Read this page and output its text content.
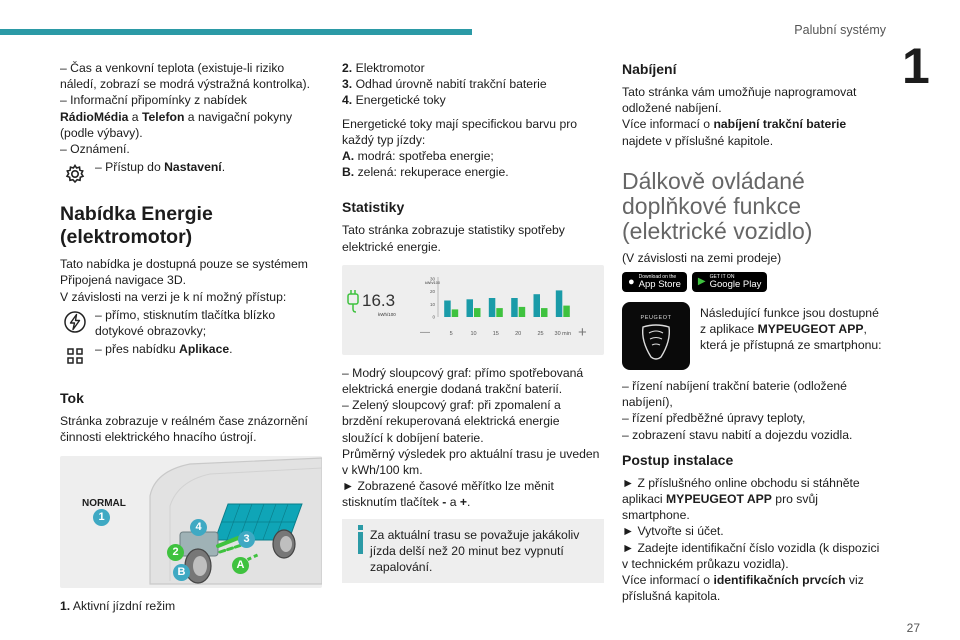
Palubní systémy
1
27

– Čas a venkovní teplota (existuje-li riziko náledí, zobrazí se modrá výstražná kontrolka).

– Informační připomínky z nabídek
RádioMédia a Telefon a navigační pokyny (podle výbavy).

– Oznámení.

– Přístup do Nastavení.

Nabídka Energie (elektromotor)

Tato nabídka je dostupná pouze se systémem Připojená navigace 3D.

V závislosti na verzi je k ní možný přístup:

– přímo, stisknutím tlačítka blízko dotykové obrazovky;

– přes nabídku Aplikace.

Tok

Stránka zobrazuje v reálném čase znázornění činnosti elektrického hnacího ústrojí.

NORMAL
1
4
3
2
A
B

1. Aktivní jízdní režim

2. Elektromotor

3. Odhad úrovně nabití trakční baterie

4. Energetické toky

Energetické toky mají specifickou barvu pro každý typ jízdy:

A. modrá: spotřeba energie;

B. zelená: rekuperace energie.

Statistiky

Tato stránka zobrazuje statistiky spotřeby elektrické energie.

16.3
kWh/100
30
20
10
0
5	10	15	20	25 30 min
kWh/100
—	+

– Modrý sloupcový graf: přímo spotřebovaná elektrická energie dodaná trakční baterií.

– Zelený sloupcový graf: při zpomalení a brzdění rekuperovaná elektrická energie sloužící k dobíjení baterie.

Průměrný výsledek pro aktuální trasu je uveden v kWh/100 km.

► Zobrazené časové měřítko lze měnit stisknutím tlačítek - a +.

Za aktuální trasu se považuje jakákoliv jízda delší než 20 minut bez vypnutí zapalování.

Nabíjení

Tato stránka vám umožňuje naprogramovat odložené nabíjení.

Více informací o nabíjení trakční baterie najdete v příslušné kapitole.

Dálkově ovládané doplňkové funkce (elektrické vozidlo)

(V závislosti na zemi prodeje)

● Download on the
App Store ▶ GET IT ON
Google Play
PEUGEOT Následující funkce jsou dostupné z aplikace MYPEUGEOT APP, která je přístupná ze smartphonu:

– řízení nabíjení trakční baterie (odložené nabíjení),

– řízení předběžné úpravy teploty,

– zobrazení stavu nabití a dojezdu vozidla.

Postup instalace

► Z příslušného online obchodu si stáhněte aplikaci MYPEUGEOT APP pro svůj smartphone.

► Vytvořte si účet.

► Zadejte identifikační číslo vozidla (k dispozici v technickém průkazu vozidla).

Více informací o identifikačních prvcích viz příslušná kapitola.
